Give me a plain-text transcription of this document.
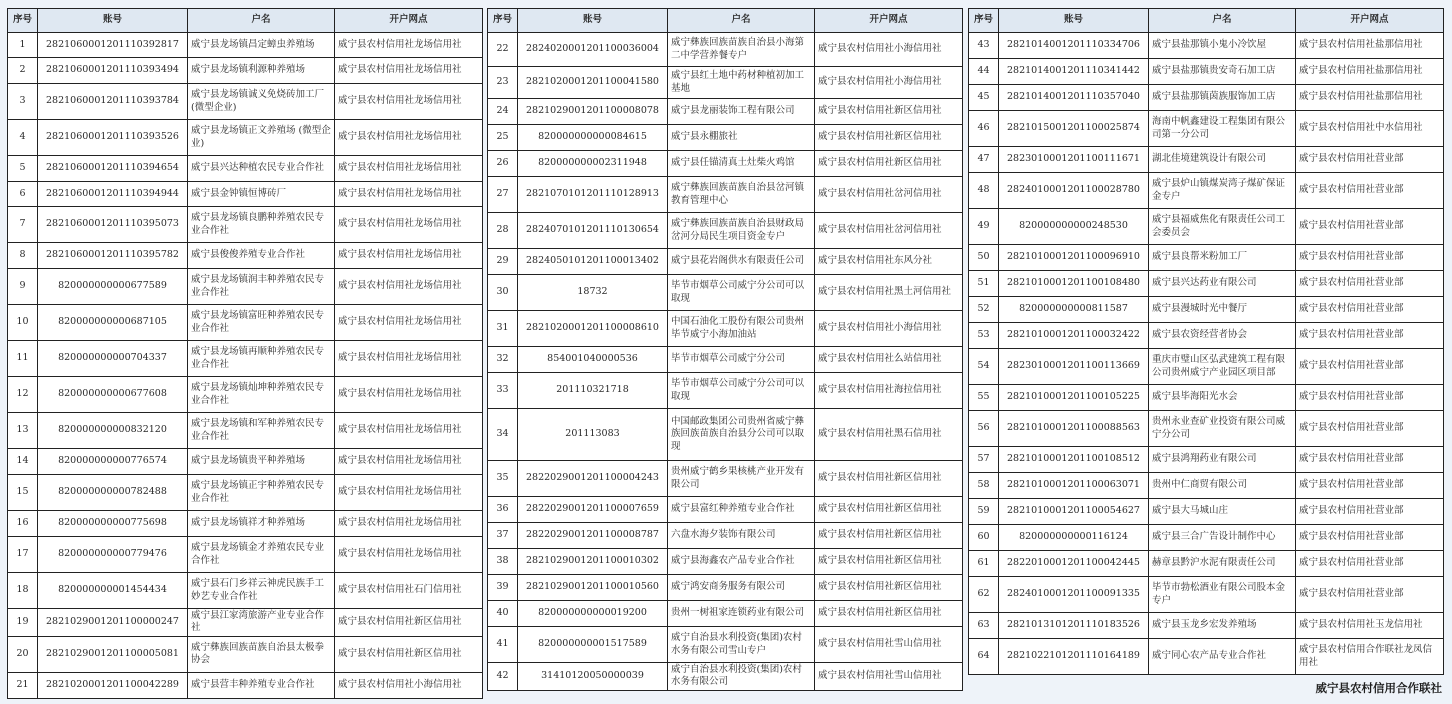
序号	账号	户名	开户网点
1	2821060001201110392817	威宁县龙场镇昌定蟑虫养殖场	威宁县农村信用社龙场信用社
2	2821060001201110393494	威宁县龙场镇利源种养殖场	威宁县农村信用社龙场信用社
3	2821060001201110393784	威宁县龙场镇诚义免烧砖加工厂(微型企业)	威宁县农村信用社龙场信用社
4	2821060001201110393526	威宁县龙场镇正文养殖场 (微型企业)	威宁县农村信用社龙场信用社
5	2821060001201110394654	威宁县兴达种植农民专业合作社	威宁县农村信用社龙场信用社
6	2821060001201110394944	威宁县金钟镇恒博砖厂	威宁县农村信用社龙场信用社
7	2821060001201110395073	威宁县龙场镇良鹏种养殖农民专业合作社	威宁县农村信用社龙场信用社
8	2821060001201110395782	威宁县俊俊养殖专业合作社	威宁县农村信用社龙场信用社
9	820000000000677589	威宁县龙场镇润丰种养殖农民专业合作社	威宁县农村信用社龙场信用社
10	820000000000687105	威宁县龙场镇富旺种养殖农民专业合作社	威宁县农村信用社龙场信用社
11	820000000000704337	威宁县龙场镇再顺种养殖农民专业合作社	威宁县农村信用社龙场信用社
12	820000000000677608	威宁县龙场镇灿坤种养殖农民专业合作社	威宁县农村信用社龙场信用社
13	820000000000832120	威宁县龙场镇和军种养殖农民专业合作社	威宁县农村信用社龙场信用社
14	820000000000776574	威宁县龙场镇贵平种养殖场	威宁县农村信用社龙场信用社
15	820000000000782488	威宁县龙场镇正宇种养殖农民专业合作社	威宁县农村信用社龙场信用社
16	820000000000775698	威宁县龙场镇祥才种养殖场	威宁县农村信用社龙场信用社
17	820000000000779476	威宁县龙场镇金才养殖农民专业合作社	威宁县农村信用社龙场信用社
18	820000000001454434	威宁县石门乡祥云神虎民族手工妙艺专业合作社	威宁县农村信用社石门信用社
19	2821029001201100000247	威宁县江家湾旅游产业专业合作社	威宁县农村信用社新区信用社
20	2821029001201100005081	威宁彝族回族苗族自治县太极拳协会	威宁县农村信用社新区信用社
21	2821020001201100042289	威宁县营丰种养殖专业合作社	威宁县农村信用社小海信用社
序号	账号	户名	开户网点
22	2824020001201100036004	威宁彝族回族苗族自治县小海第二中学营养餐专户	威宁县农村信用社小海信用社
23	2821020001201100041580	威宁县红土地中药材种植初加工基地	威宁县农村信用社小海信用社
24	2821029001201100008078	威宁县龙丽装饰工程有限公司	威宁县农村信用社新区信用社
25	820000000000084615	威宁县永棚旅社	威宁县农村信用社新区信用社
26	820000000002311948	威宁县任锚清真土灶柴火鸡馆	威宁县农村信用社新区信用社
27	2821070101201110128913	威宁彝族回族苗族自治县岔河镇教育管理中心	威宁县农村信用社岔河信用社
28	2824070101201110130654	威宁彝族回族苗族自治县财政局岔河分局民生项目资金专户	威宁县农村信用社岔河信用社
29	2824050101201100013402	威宁县花岩阁供水有限责任公司	威宁县农村信用社东风分社
30	18732	毕节市烟草公司威宁分公司可以取现	威宁县农村信用社黑土河信用社
31	2821020001201100008610	中国石油化工股份有限公司贵州毕节威宁小海加油站	威宁县农村信用社小海信用社
32	854001040000536	毕节市烟草公司威宁分公司	威宁县农村信用社么站信用社
33	201110321718	毕节市烟草公司威宁分公司可以取现	威宁县农村信用社海拉信用社
34	201113083	中国邮政集团公司贵州省威宁彝族回族苗族自治县分公司可以取现	威宁县农村信用社黑石信用社
35	2822029001201100004243	贵州威宁鹤乡果核桃产业开发有限公司	威宁县农村信用社新区信用社
36	2822029001201100007659	威宁县富红种养殖专业合作社	威宁县农村信用社新区信用社
37	2822029001201100008787	六盘水海夕装饰有限公司	威宁县农村信用社新区信用社
38	2821029001201100010302	威宁县海鑫农产品专业合作社	威宁县农村信用社新区信用社
39	2821029001201100010560	威宁鸿安商务服务有限公司	威宁县农村信用社新区信用社
40	820000000000019200	贵州一树祖家连锁药业有限公司	威宁县农村信用社新区信用社
41	820000000001517589	威宁自治县水利投资(集团)农村水务有限公司雪山专户	威宁县农村信用社雪山信用社
42	31410120050000039	威宁自治县水利投资(集团)农村水务有限公司	威宁县农村信用社雪山信用社
序号	账号	户名	开户网点
43	2821014001201110334706	威宁县盐那镇小鬼小冷饮屋	威宁县农村信用社盐那信用社
44	2821014001201110341442	威宁县盐那镇贵安奇石加工店	威宁县农村信用社盐那信用社
45	2821014001201110357040	威宁县盐那镇茵族服饰加工店	威宁县农村信用社盐那信用社
46	2821015001201100025874	海南中帆鑫建设工程集团有限公司第一分公司	威宁县农村信用社中水信用社
47	2823010001201100111671	湖北佳境建筑设计有限公司	威宁县农村信用社营业部
48	2824010001201100028780	威宁县炉山镇煤炭湾子煤矿保证金专户	威宁县农村信用社营业部
49	820000000000248530	威宁县福威焦化有限责任公司工会委员会	威宁县农村信用社营业部
50	2821010001201100096910	威宁县良帮米粉加工厂	威宁县农村信用社营业部
51	2821010001201100108480	威宁县兴达药业有限公司	威宁县农村信用社营业部
52	820000000000811587	威宁县漫城时光中餐厅	威宁县农村信用社营业部
53	2821010001201100032422	威宁县农资经营者协会	威宁县农村信用社营业部
54	2823010001201100113669	重庆市璧山区弘武建筑工程有限公司贵州威宁产业园区项目部	威宁县农村信用社营业部
55	2821010001201100105225	威宁县毕海阳光水会	威宁县农村信用社营业部
56	2821010001201100088563	贵州永业查矿业投资有限公司威宁分公司	威宁县农村信用社营业部
57	2821010001201100108512	威宁县鸿翔药业有限公司	威宁县农村信用社营业部
58	2821010001201100063071	贵州中仁商贸有限公司	威宁县农村信用社营业部
59	2821010001201100054627	威宁县大马城山庄	威宁县农村信用社营业部
60	820000000000116124	威宁县三合广告设计制作中心	威宁县农村信用社营业部
61	2822010001201100042445	赫章县黔沪水泥有限责任公司	威宁县农村信用社营业部
62	2824010001201100091335	毕节市勃松酒业有限公司股本金专户	威宁县农村信用社营业部
63	2821013101201110183526	威宁县玉龙乡宏发养殖场	威宁县农村信用社玉龙信用社
64	2821022101201110164189	威宁同心农产品专业合作社	威宁县农村信用合作联社龙凤信用社
威宁县农村信用合作联社
